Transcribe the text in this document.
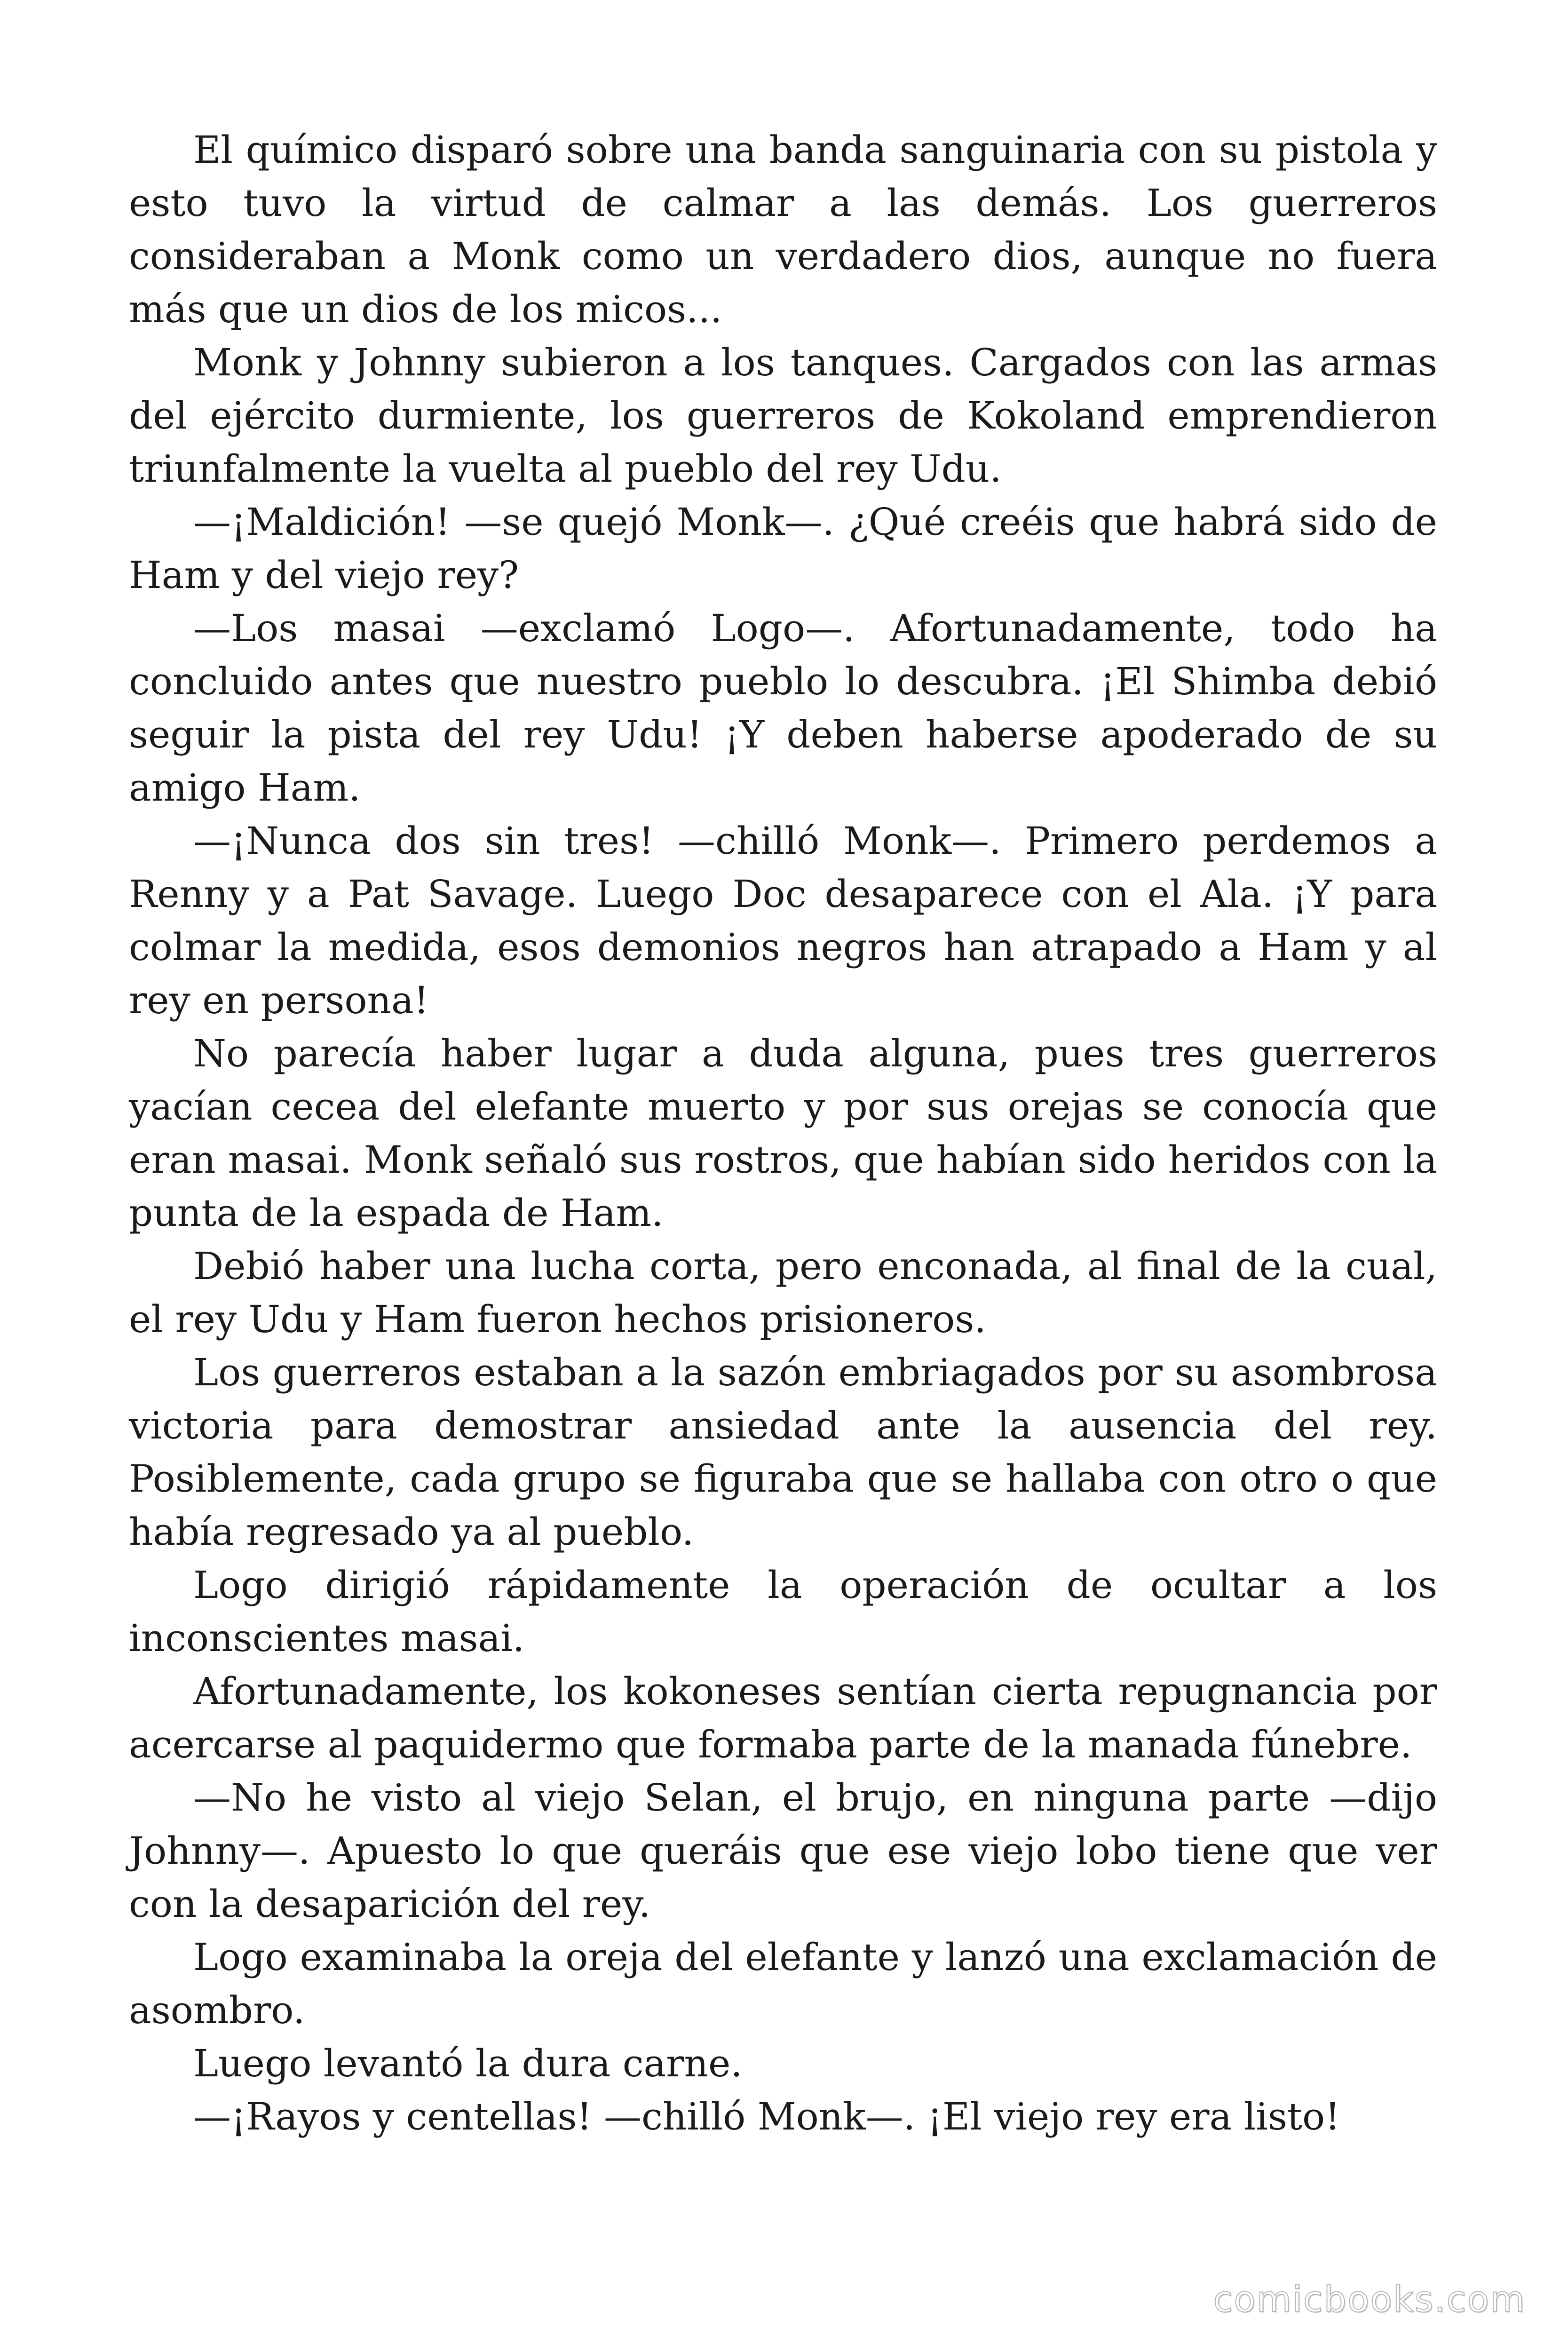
El químico disparó sobre una banda sanguinaria con su pistola y esto tuvo la virtud de calmar a las demás. Los guerreros consideraban a Monk como un verdadero dios, aunque no fuera más que un dios de los micos...

Monk y Johnny subieron a los tanques. Cargados con las armas del ejército durmiente, los guerreros de Kokoland emprendieron triunfalmente la vuelta al pueblo del rey Udu.

—¡Maldición! —se quejó Monk—. ¿Qué creéis que habrá sido de Ham y del viejo rey?

—Los masai —exclamó Logo—. Afortunadamente, todo ha concluido antes que nuestro pueblo lo descubra. ¡El Shimba debió seguir la pista del rey Udu! ¡Y deben haberse apoderado de su amigo Ham.

—¡Nunca dos sin tres! —chilló Monk—. Primero perdemos a Renny y a Pat Savage. Luego Doc desaparece con el Ala. ¡Y para colmar la medida, esos demonios negros han atrapado a Ham y al rey en persona!

No parecía haber lugar a duda alguna, pues tres guerreros yacían cecea del elefante muerto y por sus orejas se conocía que eran masai. Monk señaló sus rostros, que habían sido heridos con la punta de la espada de Ham.

Debió haber una lucha corta, pero enconada, al final de la cual, el rey Udu y Ham fueron hechos prisioneros.

Los guerreros estaban a la sazón embriagados por su asombrosa victoria para demostrar ansiedad ante la ausencia del rey. Posiblemente, cada grupo se figuraba que se hallaba con otro o que había regresado ya al pueblo.

Logo dirigió rápidamente la operación de ocultar a los inconscientes masai.

Afortunadamente, los kokoneses sentían cierta repugnancia por acercarse al paquidermo que formaba parte de la manada fúnebre.

—No he visto al viejo Selan, el brujo, en ninguna parte —dijo Johnny—. Apuesto lo que queráis que ese viejo lobo tiene que ver con la desaparición del rey.

Logo examinaba la oreja del elefante y lanzó una exclamación de asombro.

Luego levantó la dura carne.

—¡Rayos y centellas! —chilló Monk—. ¡El viejo rey era listo!

comicbooks.com
